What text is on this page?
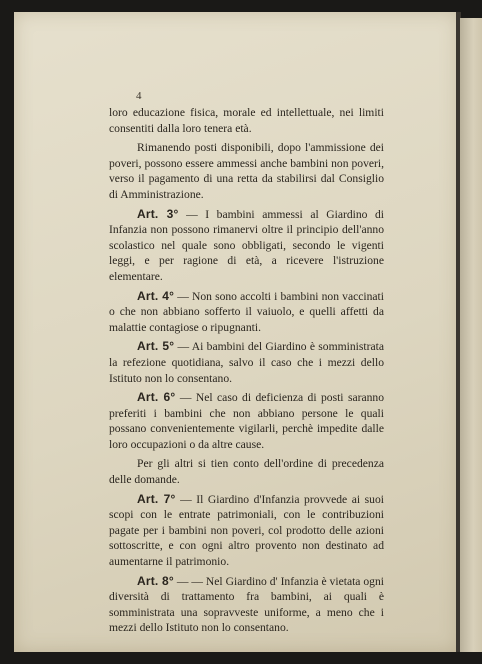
4

loro educazione fisica, morale ed intellettuale, nei limiti consentiti dalla loro tenera età.

Rimanendo posti disponibili, dopo l'ammissione dei poveri, possono essere ammessi anche bambini non poveri, verso il pagamento di una retta da stabilirsi dal Consiglio di Amministrazione.

Art. 3° — I bambini ammessi al Giardino di Infanzia non possono rimanervi oltre il principio dell'anno scolastico nel quale sono obbligati, secondo le vigenti leggi, e per ragione di età, a ricevere l'istruzione elementare.

Art. 4° — Non sono accolti i bambini non vaccinati o che non abbiano sofferto il vaiuolo, e quelli affetti da malattie contagiose o ripugnanti.

Art. 5° — Ai bambini del Giardino è somministrata la refezione quotidiana, salvo il caso che i mezzi dello Istituto non lo consentano.

Art. 6° — Nel caso di deficienza di posti saranno preferiti i bambini che non abbiano persone le quali possano convenientemente vigilarli, perchè impedite dalle loro occupazioni o da altre cause.

Per gli altri si tien conto dell'ordine di precedenza delle domande.

Art. 7° — Il Giardino d'Infanzia provvede ai suoi scopi con le entrate patrimoniali, con le contribuzioni pagate per i bambini non poveri, col prodotto delle azioni sottoscritte, e con ogni altro provento non destinato ad aumentarne il patrimonio.

Art. 8° — — Nel Giardino d' Infanzia è vietata ogni diversità di trattamento fra bambini, ai quali è somministrata una sopravveste uniforme, a meno che i mezzi dello Istituto non lo consentano.
